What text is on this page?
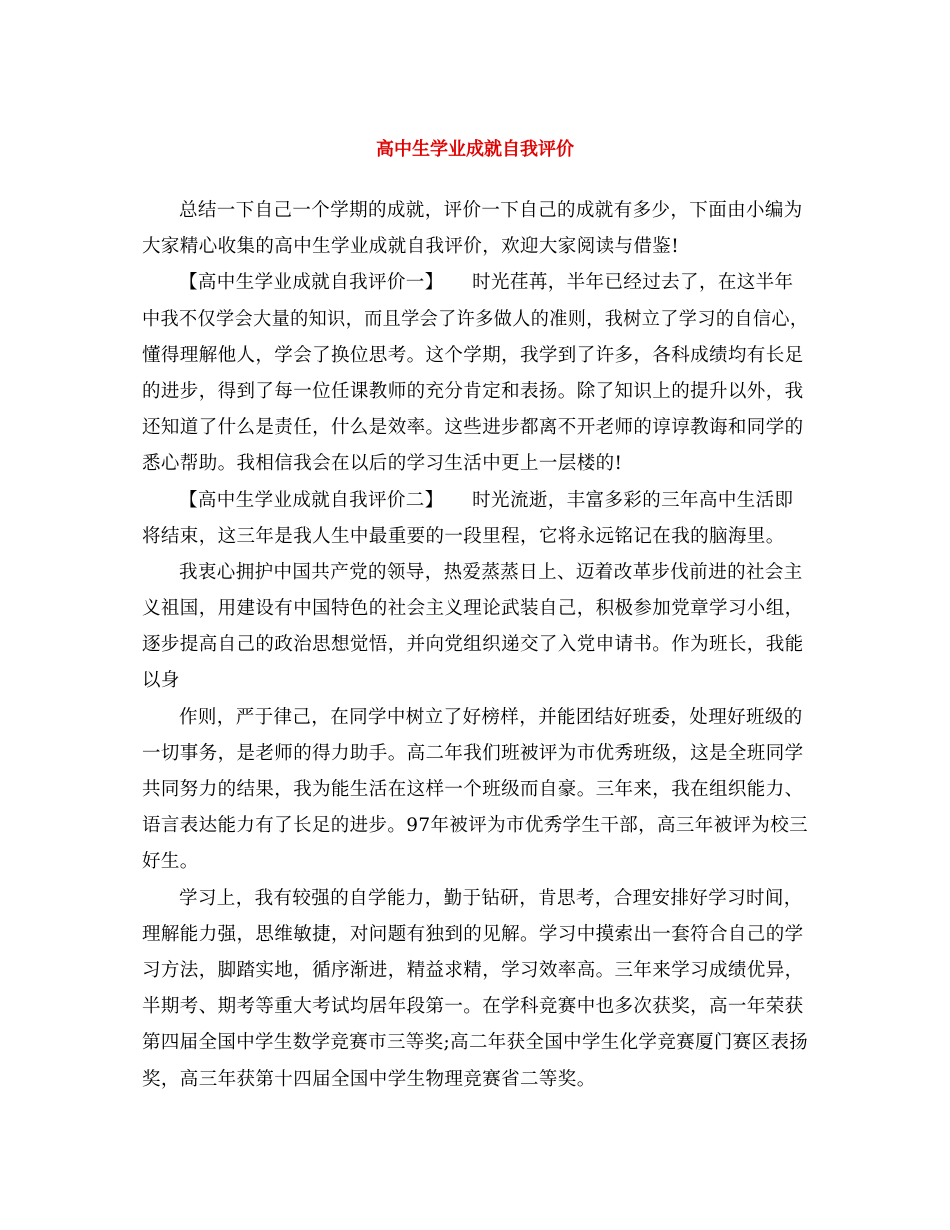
高中生学业成就自我评价
总结一下自己一个学期的成就，评价一下自己的成就有多少，下面由小编为
大家精心收集的高中生学业成就自我评价，欢迎大家阅读与借鉴!
【高中生学业成就自我评价一】　　时光荏苒，半年已经过去了，在这半年
中我不仅学会大量的知识，而且学会了许多做人的准则，我树立了学习的自信心，
懂得理解他人，学会了换位思考。这个学期，我学到了许多，各科成绩均有长足
的进步，得到了每一位任课教师的充分肯定和表扬。除了知识上的提升以外，我
还知道了什么是责任，什么是效率。这些进步都离不开老师的谆谆教诲和同学的
悉心帮助。我相信我会在以后的学习生活中更上一层楼的!
【高中生学业成就自我评价二】　　时光流逝，丰富多彩的三年高中生活即
将结束，这三年是我人生中最重要的一段里程，它将永远铭记在我的脑海里。
我衷心拥护中国共产党的领导，热爱蒸蒸日上、迈着改革步伐前进的社会主
义祖国，用建设有中国特色的社会主义理论武装自己，积极参加党章学习小组，
逐步提高自己的政治思想觉悟，并向党组织递交了入党申请书。作为班长，我能
以身
作则，严于律己，在同学中树立了好榜样，并能团结好班委，处理好班级的
一切事务，是老师的得力助手。高二年我们班被评为市优秀班级，这是全班同学
共同努力的结果，我为能生活在这样一个班级而自豪。三年来，我在组织能力、
语言表达能力有了长足的进步。97年被评为市优秀学生干部，高三年被评为校三
好生。
学习上，我有较强的自学能力，勤于钻研，肯思考，合理安排好学习时间，
理解能力强，思维敏捷，对问题有独到的见解。学习中摸索出一套符合自己的学
习方法，脚踏实地，循序渐进，精益求精，学习效率高。三年来学习成绩优异，
半期考、期考等重大考试均居年段第一。在学科竞赛中也多次获奖，高一年荣获
第四届全国中学生数学竞赛市三等奖;高二年获全国中学生化学竞赛厦门赛区表扬
奖，高三年获第十四届全国中学生物理竞赛省二等奖。
